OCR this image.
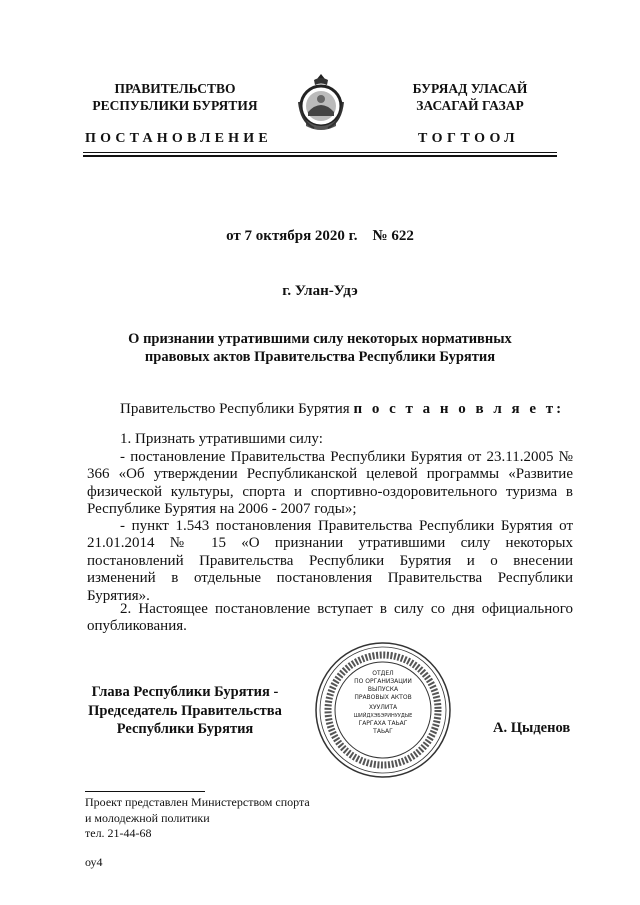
ПРАВИТЕЛЬСТВО
РЕСПУБЛИКИ БУРЯТИЯ
БУРЯАД УЛАСАЙ
ЗАСАГАЙ ГАЗАР
ПОСТАНОВЛЕНИЕ	ТОГТООЛ
от 7 октября 2020 г.    № 622
г. Улан-Удэ
О признании утратившими силу некоторых нормативных
правовых актов Правительства Республики Бурятия
Правительство Республики Бурятия п о с т а н о в л я е т:
1. Признать утратившими силу:
- постановление Правительства Республики Бурятия от 23.11.2005 № 366 «Об утверждении Республиканской целевой программы «Развитие физической культуры, спорта и спортивно-оздоровительного туризма в Республике Бурятия на 2006 - 2007 годы»;
- пункт 1.543 постановления Правительства Республики Бурятия от 21.01.2014 № 15 «О признании утратившими силу некоторых постановлений Правительства Республики Бурятия и о внесении изменений в отдельные постановления Правительства Республики Бурятия».
2. Настоящее постановление вступает в силу со дня официального опубликования.
ОТДЕЛ
ПО ОРГАНИЗАЦИИ
ВЫПУСКА
ПРАВОВЫХ АКТОВ
ХУУЛИТА
ШИЙДХЭБЭРИНУУДЫЕ
ГАРГАХА ТАЬАГ
ТАЬАГ
Глава Республики Бурятия -
Председатель Правительства
Республики Бурятия	А. Цыденов
Проект представлен Министерством спорта
и молодежной политики
тел. 21-44-68
оу4
